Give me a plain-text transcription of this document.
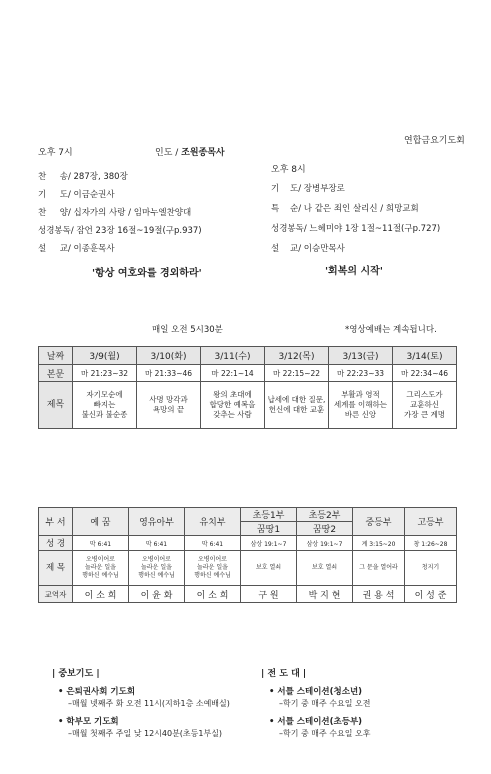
연합금요기도회
오후 7시	인도 / 조원종목사
찬     송/ 287장, 380장
기     도/ 이금순권사
찬     양/ 십자가의 사랑 / 임마누엘찬양대
성경봉독/ 잠언 23장 16절~19절(구p.937)
설     교/ 이종훈목사
'항상 여호와를 경외하라'
오후 8시
기    도/ 장병부장로
특    순/ 나 같은 죄인 살리신 / 희망교회
성경봉독/ 느헤미야 1장 1절~11절(구p.727)
설    교/ 이승만목사
'회복의 시작'
매일 오전 5시30분	*영상예배는 계속됩니다.
날짜	3/9(월)	3/10(화)	3/11(수)	3/12(목)	3/13(금)	3/14(토)
본문	마 21:23~32	마 21:33~46	마 22:1~14	마 22:15~22	마 22:23~33	마 22:34~46
제목	자기모순에
빠지는
불신과 불순종	사명 망각과
욕망의 끝	왕의 초대에
합당한 예복을
갖추는 사람	납세에 대한 질문,
헌신에 대한 교훈	부활과 영적
세계를 이해하는
바른 신앙	그리스도가
교훈하신
가장 큰 계명
부 서	예 꿈	영유아부	유치부	초등1부	초등2부	중등부	고등부
				꿈땅1	꿈땅2		
성 경	막 6:41	막 6:41	막 6:41	삼상 19:1~7	삼상 19:1~7	계 3:15~20	창 1:26~28
제 목	오병이어로
놀라운 일을
행하신 예수님	오병이어로
놀라운 일을
행하신 예수님	오병이어로
놀라운 일을
행하신 예수님	보호 열쇠	보호 열쇠	그 문을 열어라	청지기
교역자	이 소 희	이 윤 화	이 소 희	구 원	박 지 현	권 용 석	이 성 준
| 중보기도 |
• 은퇴권사회 기도회
–매월 넷째주 화 오전 11시(지하1층 소예배실)
• 학부모 기도회
–매월 첫째주 주일 낮 12시40분(초등1부실)
| 전 도 대 |
• 서틀 스테이션(청소년)
–학기 중 매주 수요일 오전
• 서틀 스테이션(초등부)
–학기 중 매주 수요일 오후
